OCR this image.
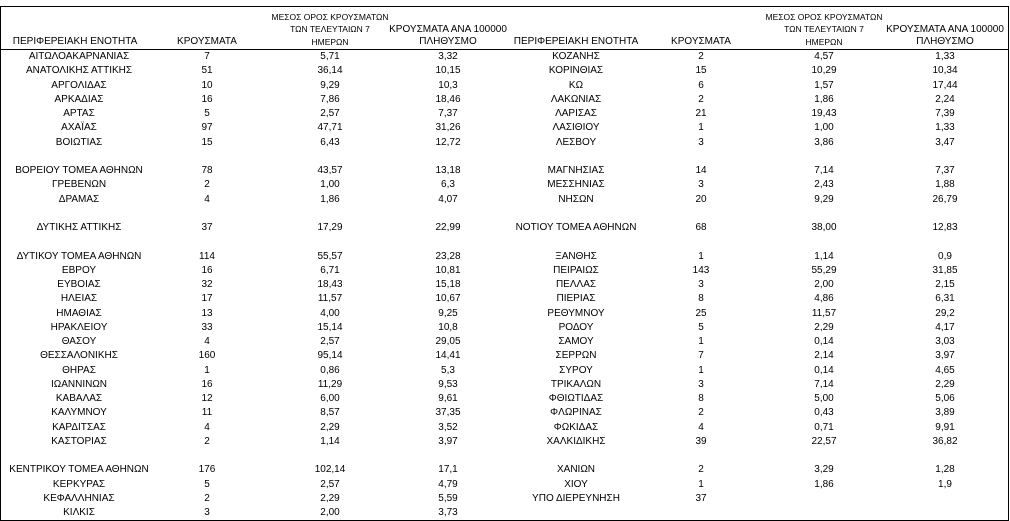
ΠΕΡΙΦΕΡΕΙΑΚΗ ΕΝΟΤΗΤΑ	ΚΡΟΥΣΜΑΤΑ
ΜΕΣΟΣ ΟΡΟΣ ΚΡΟΥΣΜΑΤΩΝ
ΤΩΝ ΤΕΛΕΥΤΑΙΩΝ 7
ΗΜΕΡΩΝ
ΚΡΟΥΣΜΑΤΑ ΑΝΑ 100000
ΠΛΗΘΥΣΜΟ
ΑΙΤΩΛΟΑΚΑΡΝΑΝΙΑΣ	7	5,71	3,32
ΑΝΑΤΟΛΙΚΗΣ ΑΤΤΙΚΗΣ	51	36,14	10,15
ΑΡΓΟΛΙΔΑΣ	10	9,29	10,3
ΑΡΚΑΔΙΑΣ	16	7,86	18,46
ΑΡΤΑΣ	5	2,57	7,37
ΑΧΑΪΑΣ	97	47,71	31,26
ΒΟΙΩΤΙΑΣ	15	6,43	12,72
ΒΟΡΕΙΟΥ ΤΟΜΕΑ ΑΘΗΝΩΝ	78	43,57	13,18
ΓΡΕΒΕΝΩΝ	2	1,00	6,3
ΔΡΑΜΑΣ	4	1,86	4,07
ΔΥΤΙΚΗΣ ΑΤΤΙΚΗΣ	37	17,29	22,99
ΔΥΤΙΚΟΥ ΤΟΜΕΑ ΑΘΗΝΩΝ	114	55,57	23,28
ΕΒΡΟΥ	16	6,71	10,81
ΕΥΒΟΙΑΣ	32	18,43	15,18
ΗΛΕΙΑΣ	17	11,57	10,67
ΗΜΑΘΙΑΣ	13	4,00	9,25
ΗΡΑΚΛΕΙΟΥ	33	15,14	10,8
ΘΑΣΟΥ	4	2,57	29,05
ΘΕΣΣΑΛΟΝΙΚΗΣ	160	95,14	14,41
ΘΗΡΑΣ	1	0,86	5,3
ΙΩΑΝΝΙΝΩΝ	16	11,29	9,53
ΚΑΒΑΛΑΣ	12	6,00	9,61
ΚΑΛΥΜΝΟΥ	11	8,57	37,35
ΚΑΡΔΙΤΣΑΣ	4	2,29	3,52
ΚΑΣΤΟΡΙΑΣ	2	1,14	3,97
ΚΕΝΤΡΙΚΟΥ ΤΟΜΕΑ ΑΘΗΝΩΝ	176	102,14	17,1
ΚΕΡΚΥΡΑΣ	5	2,57	4,79
ΚΕΦΑΛΛΗΝΙΑΣ	2	2,29	5,59
ΚΙΛΚΙΣ	3	2,00	3,73
ΠΕΡΙΦΕΡΕΙΑΚΗ ΕΝΟΤΗΤΑ	ΚΡΟΥΣΜΑΤΑ
ΜΕΣΟΣ ΟΡΟΣ ΚΡΟΥΣΜΑΤΩΝ
ΤΩΝ ΤΕΛΕΥΤΑΙΩΝ 7
ΗΜΕΡΩΝ
ΚΡΟΥΣΜΑΤΑ ΑΝΑ 100000
ΠΛΗΘΥΣΜΟ
ΚΟΖΑΝΗΣ	2	4,57	1,33
ΚΟΡΙΝΘΙΑΣ	15	10,29	10,34
ΚΩ	6	1,57	17,44
ΛΑΚΩΝΙΑΣ	2	1,86	2,24
ΛΑΡΙΣΑΣ	21	19,43	7,39
ΛΑΣΙΘΙΟΥ	1	1,00	1,33
ΛΕΣΒΟΥ	3	3,86	3,47
ΜΑΓΝΗΣΙΑΣ	14	7,14	7,37
ΜΕΣΣΗΝΙΑΣ	3	2,43	1,88
ΝΗΣΩΝ	20	9,29	26,79
ΝΟΤΙΟΥ ΤΟΜΕΑ ΑΘΗΝΩΝ	68	38,00	12,83
ΞΑΝΘΗΣ	1	1,14	0,9
ΠΕΙΡΑΙΩΣ	143	55,29	31,85
ΠΕΛΛΑΣ	3	2,00	2,15
ΠΙΕΡΙΑΣ	8	4,86	6,31
ΡΕΘΥΜΝΟΥ	25	11,57	29,2
ΡΟΔΟΥ	5	2,29	4,17
ΣΑΜΟΥ	1	0,14	3,03
ΣΕΡΡΩΝ	7	2,14	3,97
ΣΥΡΟΥ	1	0,14	4,65
ΤΡΙΚΑΛΩΝ	3	7,14	2,29
ΦΘΙΩΤΙΔΑΣ	8	5,00	5,06
ΦΛΩΡΙΝΑΣ	2	0,43	3,89
ΦΩΚΙΔΑΣ	4	0,71	9,91
ΧΑΛΚΙΔΙΚΗΣ	39	22,57	36,82
ΧΑΝΙΩΝ	2	3,29	1,28
ΧΙΟΥ	1	1,86	1,9
ΥΠΟ ΔΙΕΡΕΥΝΗΣΗ	37
